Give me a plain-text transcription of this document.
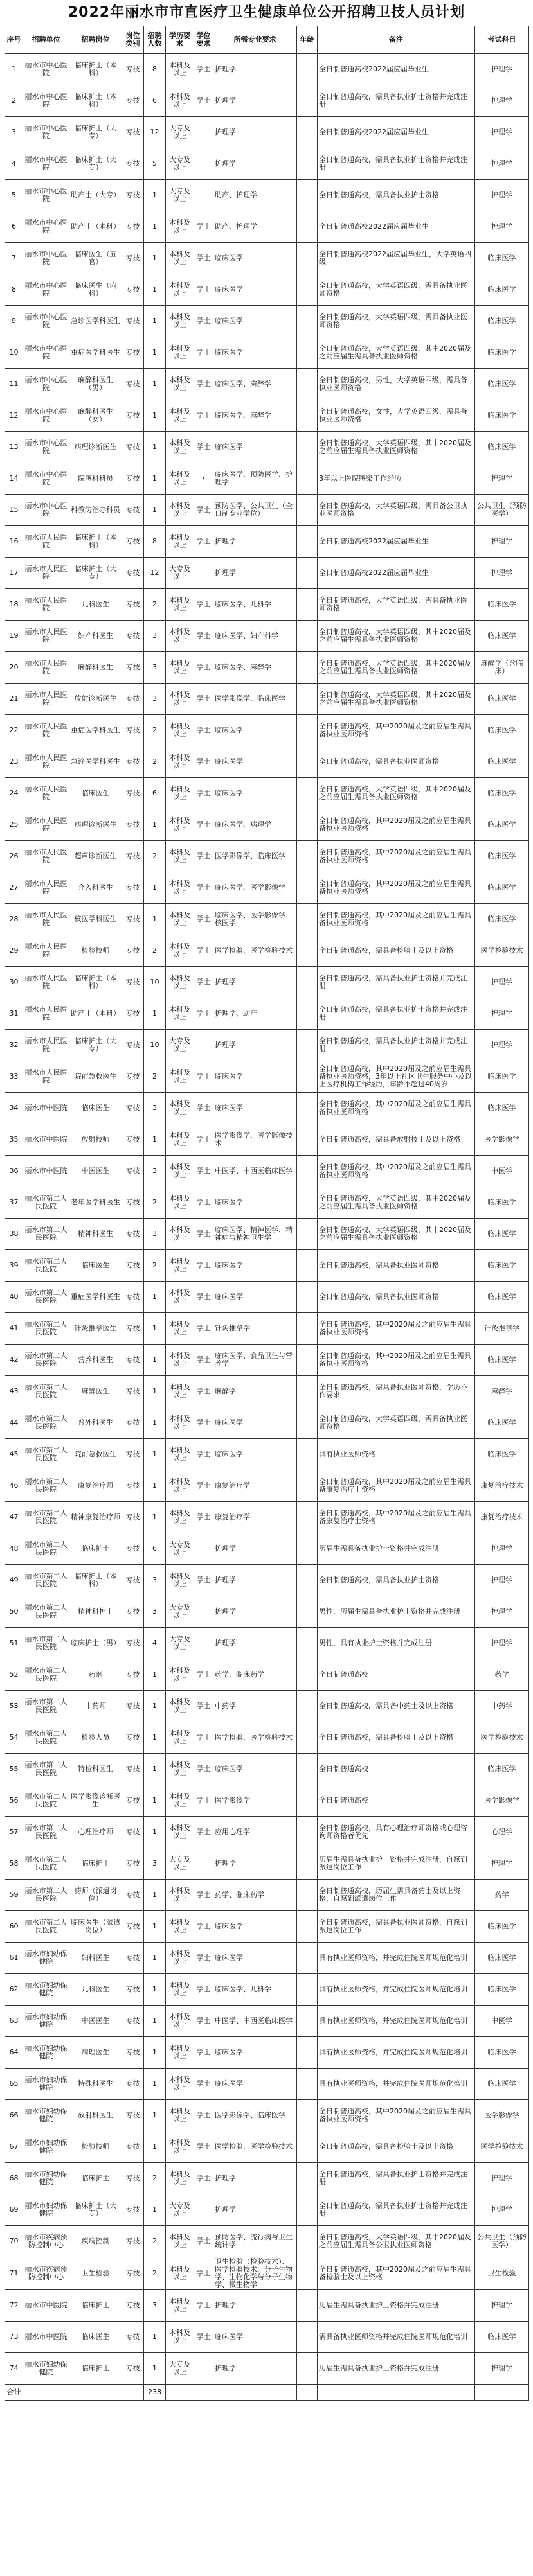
2022年丽水市市直医疗卫生健康单位公开招聘卫技人员计划
序号	招聘单位	招聘岗位	岗位类别	招聘人数	学历要求	学位要求	所需专业要求	年龄	备注	考试科目
1	丽水市中心医院	临床护士（本科）	专技	8	本科及以上	学士	护理学		全日制普通高校2022届应届毕业生	护理学
2	丽水市中心医院	临床护士（本科）	专技	6	本科及以上	学士	护理学		全日制普通高校，需具备执业护士资格并完成注册	护理学
3	丽水市中心医院	临床护士（大专）	专技	12	大专及以上		护理学		全日制普通高校2022届应届毕业生	护理学
4	丽水市中心医院	临床护士（大专）	专技	5	大专及以上		护理学		全日制普通高校，需具备执业护士资格并完成注册	护理学
5	丽水市中心医院	助产士（大专）	专技	1	大专及以上		助产、护理学		全日制普通高校，需具备执业护士资格	护理学
6	丽水市中心医院	助产士（本科）	专技	1	本科及以上	学士	助产、护理学		全日制普通高校2022届应届毕业生	护理学
7	丽水市中心医院	临床医生（五官）	专技	1	本科及以上	学士	临床医学		全日制普通高校2022届应届毕业生，大学英语四级	临床医学
8	丽水市中心医院	临床医生（内科）	专技	1	本科及以上	学士	临床医学		全日制普通高校，大学英语四级，需具备执业医师资格	临床医学
9	丽水市中心医院	急诊医学科医生	专技	1	本科及以上	学士	临床医学		全日制普通高校，大学英语四级，需具备执业医师资格	临床医学
10	丽水市中心医院	重症医学科医生	专技	1	本科及以上	学士	临床医学		全日制普通高校，大学英语四级，其中2020届及之前应届生需具备执业医师资格	临床医学
11	丽水市中心医院	麻醉科医生（男）	专技	1	本科及以上	学士	临床医学、麻醉学		全日制普通高校，男性，大学英语四级，需具备执业医师资格	临床医学
12	丽水市中心医院	麻醉科医生（女）	专技	1	本科及以上	学士	临床医学、麻醉学		全日制普通高校，女性，大学英语四级，需具备执业医师资格	临床医学
13	丽水市中心医院	病理诊断医生	专技	1	本科及以上	学士	临床医学		全日制普通高校，大学英语四级，其中2020届及之前应届生需具备执业医师资格	临床医学
14	丽水市中心医院	院感科科员	专技	1	本科及以上	/	临床医学、预防医学、护理学		3年以上医院感染工作经历	护理学
15	丽水市中心医院	科教防治办科员	专技	1	本科及以上	学士	预防医学、公共卫生（全日制专业学位）		全日制普通高校，大学英语四级，需具备公卫执业医师资格	公共卫生（预防医学）
16	丽水市人民医院	临床护士（本科）	专技	8	本科及以上	学士	护理学		全日制普通高校2022届应届毕业生	护理学
17	丽水市人民医院	临床护士（大专）	专技	12	大专及以上		护理学		全日制普通高校2022届应届毕业生	护理学
18	丽水市人民医院	儿科医生	专技	2	本科及以上	学士	临床医学、儿科学		全日制普通高校，大学英语四级，需具备执业医师资格	临床医学
19	丽水市人民医院	妇产科医生	专技	3	本科及以上	学士	临床医学、妇产科学		全日制普通高校，大学英语四级，其中2020届及之前应届生需具备执业医师资格	临床医学
20	丽水市人民医院	麻醉科医生	专技	3	本科及以上	学士	临床医学、麻醉学		全日制普通高校，大学英语四级，其中2020届及之前应届生需具备执业医师资格	麻醉学（含临床）
21	丽水市人民医院	放射诊断医生	专技	3	本科及以上	学士	医学影像学、临床医学		全日制普通高校，大学英语四级，其中2020届及之前应届生需具备执业医师资格	临床医学
22	丽水市人民医院	重症医学科医生	专技	2	本科及以上	学士	临床医学		全日制普通高校，其中2020届及之前应届生需具备执业医师资格	临床医学
23	丽水市人民医院	急诊医学科医生	专技	2	本科及以上	学士	临床医学		全日制普通高校，需具备执业医师资格	临床医学
24	丽水市人民医院	临床医生	专技	6	本科及以上	学士	临床医学		全日制普通高校，大学英语四级，其中2020届及之前应届生需具备执业医师资格	临床医学
25	丽水市人民医院	病理诊断医生	专技	1	本科及以上	学士	临床医学、病理学		全日制普通高校，其中2020届及之前应届生需具备执业医师资格	临床医学
26	丽水市人民医院	超声诊断医生	专技	2	本科及以上	学士	医学影像学、临床医学		全日制普通高校，其中2020届及之前应届生需具备执业医师资格	临床医学
27	丽水市人民医院	介入科医生	专技	1	本科及以上	学士	临床医学、医学影像学		全日制普通高校，其中2020届及之前应届生需具备执业医师资格	临床医学
28	丽水市人民医院	核医学科医生	专技	1	本科及以上	学士	临床医学、医学影像学、核医学		全日制普通高校，其中2020届及之前应届生需具备执业医师资格	临床医学
29	丽水市人民医院	检验技师	专技	2	本科及以上	学士	医学检验、医学检验技术		全日制普通高校，需具备检验士及以上资格	医学检验技术
30	丽水市人民医院	临床护士（本科）	专技	10	本科及以上	学士	护理学		全日制普通高校，需具备执业护士资格并完成注册	护理学
31	丽水市人民医院	助产士（本科）	专技	1	本科及以上	学士	护理学、助产		全日制普通高校，需具备执业护士资格并完成注册	护理学
32	丽水市人民医院	临床护士（大专）	专技	10	大专及以上		护理学		全日制普通高校，需具备执业护士资格并完成注册	护理学
33	丽水市人民医院	院前急救医生	专技	2	本科及以上	学士	临床医学		全日制普通高校，其中2020届及之前应届生需具备执业医师资格，3年以上社区卫生服务中心及以上医疗机构工作经历，年龄不超过40周岁	临床医学
34	丽水市中医院	临床医生	专技	3	本科及以上	学士	临床医学		全日制普通高校，其中2020届及之前应届生需具备执业医师资格	临床医学
35	丽水市中医院	放射技师	专技	1	本科及以上	学士	医学影像学、医学影像技术		全日制普通高校，需具备放射技士及以上资格	医学影像学
36	丽水市中医院	中医医生	专技	3	本科及以上	学士	中医学、中西医临床医学		全日制普通高校，其中2020届及之前应届生需具备执业医师资格	中医学
37	丽水市第二人民医院	老年医学科医生	专技	2	本科及以上	学士	临床医学		全日制普通高校，大学英语四级，其中2020届及之前应届生需具备执业医师资格	临床医学
38	丽水市第二人民医院	精神科医生	专技	3	本科及以上	学士	临床医学、精神医学、精神病与精神卫生学		全日制普通高校，大学英语四级，其中2020届及之前应届生需具备执业医师资格	临床医学
39	丽水市第二人民医院	临床医生	专技	2	本科及以上	学士	临床医学		全日制普通高校，需具备执业医师资格	临床医学
40	丽水市第二人民医院	重症医学科医生	专技	1	本科及以上	学士	临床医学		全日制普通高校，需具备执业医师资格	临床医学
41	丽水市第二人民医院	针灸推拿医生	专技	1	本科及以上	学士	针灸推拿学		全日制普通高校，其中2020届及之前应届生需具备执业医师资格	针灸推拿学
42	丽水市第二人民医院	营养科医生	专技	1	本科及以上	学士	临床医学、食品卫生与营养学		全日制普通高校，其中2020届及之前应届生需具备执业医师资格	临床医学
43	丽水市第二人民医院	麻醉医生	专技	1	本科及以上	学士	麻醉学		全日制普通高校，需具备执业医师资格，学历不作要求	麻醉学
44	丽水市第二人民医院	普外科医生	专技	1	本科及以上	学士	临床医学		全日制普通高校，大学英语四级，需具备执业医师资格	临床医学
45	丽水市第二人民医院	院前急救医生	专技	1	本科及以上	学士	临床医学		具有执业医师资格	临床医学
46	丽水市第二人民医院	康复治疗师	专技	1	本科及以上	学士	康复治疗学		全日制普通高校，其中2020届及之前应届生需具备康复治疗士资格	康复治疗技术
47	丽水市第二人民医院	精神康复治疗师	专技	1	本科及以上	学士	康复治疗学		全日制普通高校，其中2020届及之前应届生需具备康复治疗士资格	康复治疗技术
48	丽水市第二人民医院	临床护士	专技	6	大专及以上		护理学		历届生需具备执业护士资格并完成注册	护理学
49	丽水市第二人民医院	临床护士（本科）	专技	3	本科及以上	学士	护理学		全日制普通高校，需具备执业护士资格	护理学
50	丽水市第二人民医院	精神科护士	专技	3	大专及以上		护理学		男性，历届生需具备执业护士资格并完成注册	护理学
51	丽水市第二人民医院	临床护士（男）	专技	4	大专及以上		护理学		男性，具有执业护士资格并完成注册	护理学
52	丽水市第二人民医院	药剂	专技	1	本科及以上	学士	药学、临床药学		全日制普通高校	药学
53	丽水市第二人民医院	中药师	专技	1	本科及以上	学士	中药学		全日制普通高校，需具备中药士及以上资格	中药学
54	丽水市第二人民医院	检验人员	专技	1	本科及以上	学士	医学检验、医学检验技术		全日制普通高校，需具备检验士及以上资格	医学检验技术
55	丽水市第二人民医院	特检科医生	专技	1	本科及以上	学士	临床医学		全日制普通高校	临床医学
56	丽水市第二人民医院	医学影像诊断医生	专技	1	本科及以上	学士	医学影像学		全日制普通高校	医学影像学
57	丽水市第二人民医院	心理治疗师	专技	1	本科及以上	学士	应用心理学		全日制普通高校，具有心理治疗师资格或心理咨询师资格者优先	心理学
58	丽水市第二人民医院	临床护士	专技	3	大专及以上		护理学		历届生需具备执业护士资格并完成注册，自愿到派遣岗位工作	护理学
59	丽水市第二人民医院	药师（派遣岗位）	专技	1	本科及以上	学士	药学、临床药学		全日制普通高校，历届生需具备药士及以上资格，自愿到派遣岗位工作	药学
60	丽水市第二人民医院	临床医生（派遣岗位）	专技	1	本科及以上	学士	临床医学		全日制普通高校，需具备执业医师资格，自愿到派遣岗位工作	临床医学
61	丽水市妇幼保健院	妇科医生	专技	1	本科及以上	学士	临床医学		具有执业医师资格，并完成住院医师规范化培训	临床医学
62	丽水市妇幼保健院	儿科医生	专技	1	本科及以上	学士	临床医学、儿科学		具有执业医师资格，并完成住院医师规范化培训	临床医学
63	丽水市妇幼保健院	中医医生	专技	1	本科及以上	学士	中医学、中西医临床医学		具有执业医师资格，并完成住院医师规范化培训	中医学
64	丽水市妇幼保健院	病理医生	专技	1	本科及以上	学士	临床医学		具有执业医师资格，并完成住院医师规范化培训	临床医学
65	丽水市妇幼保健院	特殊科医生	专技	1	本科及以上	学士	临床医学		具有执业医师资格，并完成住院医师规范化培训	临床医学
66	丽水市妇幼保健院	放射科医生	专技	1	本科及以上	学士	医学影像学、临床医学		全日制普通高校，其中2020届及之前应届生需具备执业医师资格	医学影像学
67	丽水市妇幼保健院	检验技师	专技	1	本科及以上	学士	医学检验、医学检验技术		全日制普通高校，需具备检验士及以上资格	医学检验技术
68	丽水市妇幼保健院	临床护士	专技	2	本科及以上	学士	护理学		全日制普通高校，需具备执业护士资格并完成注册	护理学
69	丽水市妇幼保健院	临床护士（大专）	专技	1	大专及以上		护理学		全日制普通高校，需具备执业护士资格并完成注册	护理学
70	丽水市疾病预防控制中心	疾病控制	专技	2	本科及以上	学士	预防医学、流行病与卫生统计学		全日制普通高校，大学英语四级，其中2020届及之前应届生需具备公卫执业医师资格	公共卫生（预防医学）
71	丽水市疾病预防控制中心	卫生检验	专技	2	本科及以上	学士	卫生检验（检验技术）、医学检验技术、分子生物学、生物化学与分子生物学、微生物学		全日制普通高校，其中2020届及之前应届生需具备检验士及以上资格	卫生检验
72	丽水市中医院	临床护士	专技	3	本科及以上	学士	护理学		历届生需具备执业护士资格并完成注册	护理学
73	丽水市中医院	临床医生	专技	1	本科及以上	学士	临床医学		需具备执业医师资格并完成住院医师规范化培训	临床医学
74	丽水市妇幼保健院	临床护士	专技	1	大专及以上		护理学		历届生需具备执业护士资格并完成注册	护理学
合计				238						
